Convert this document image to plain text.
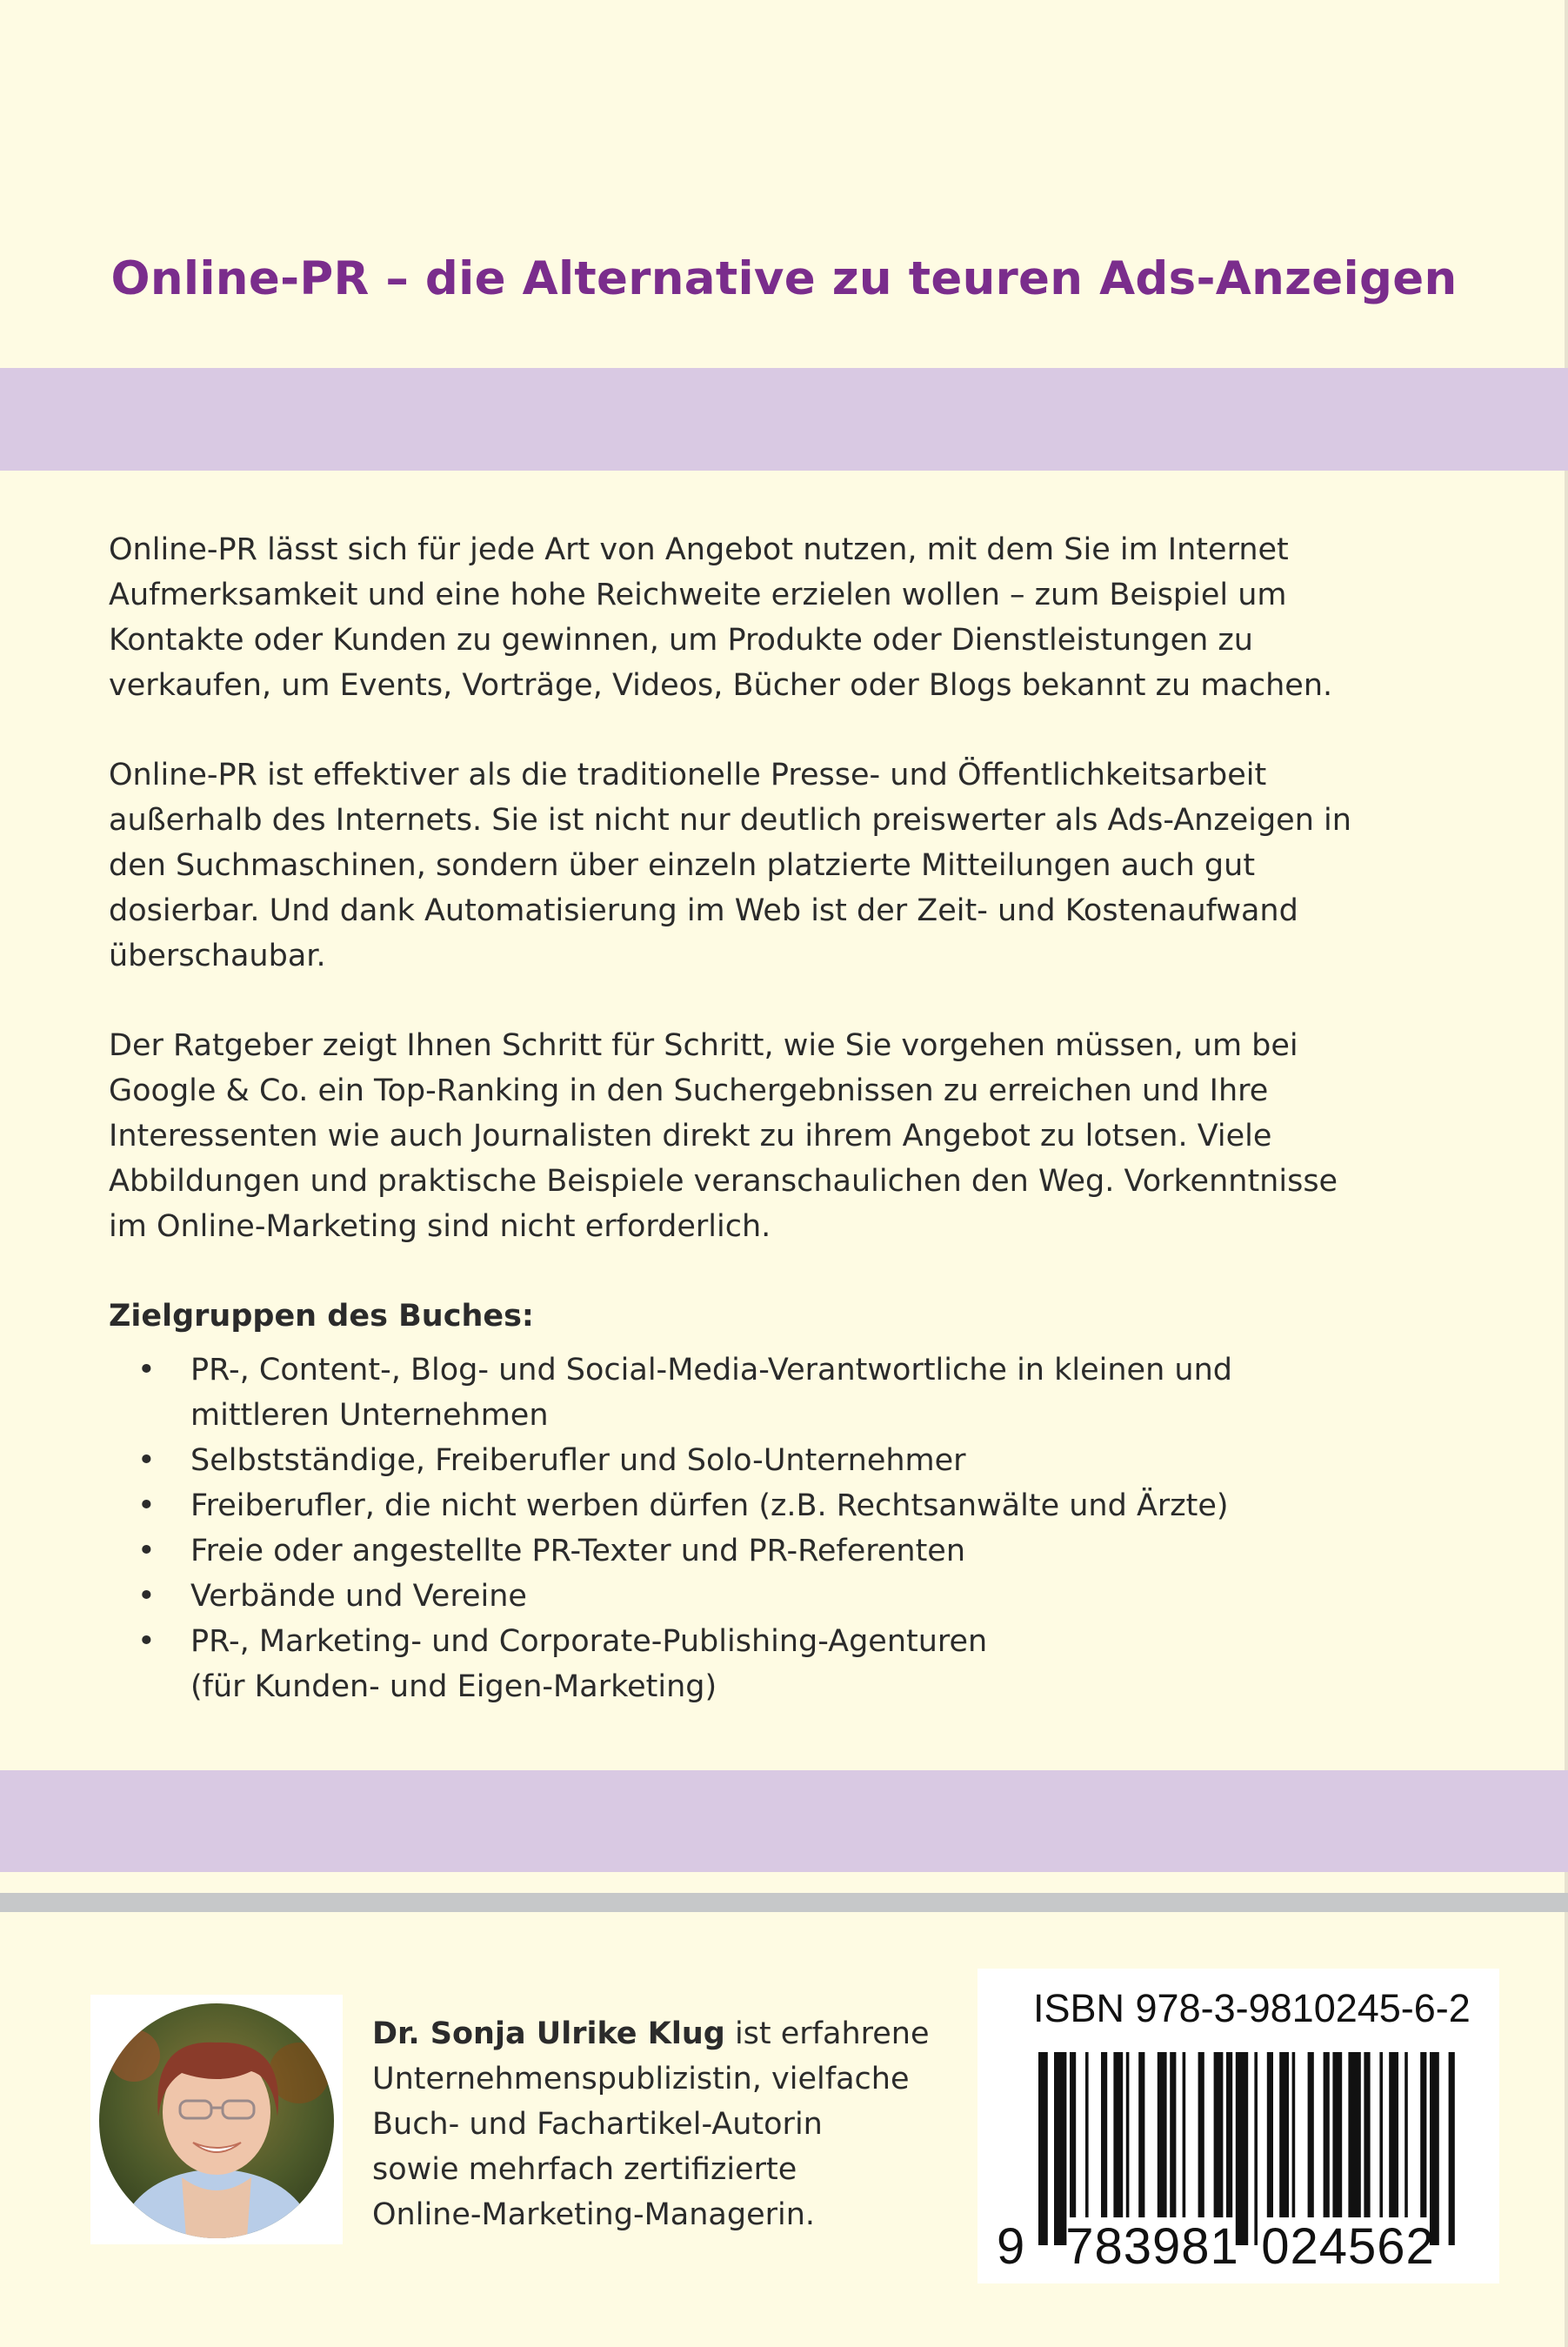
Online-PR – die Alternative zu teuren Ads-Anzeigen

Online-PR lässt sich für jede Art von Angebot nutzen, mit dem Sie im Internet
Aufmerksamkeit und eine hohe Reichweite erzielen wollen – zum Beispiel um
Kontakte oder Kunden zu gewinnen, um Produkte oder Dienstleistungen zu
verkaufen, um Events, Vorträge, Videos, Bücher oder Blogs bekannt zu machen.

Online-PR ist effektiver als die traditionelle Presse- und Öffentlichkeitsarbeit
außerhalb des Internets. Sie ist nicht nur deutlich preiswerter als Ads-Anzeigen in
den Suchmaschinen, sondern über einzeln platzierte Mitteilungen auch gut
dosierbar. Und dank Automatisierung im Web ist der Zeit- und Kostenaufwand
überschaubar.

Der Ratgeber zeigt Ihnen Schritt für Schritt, wie Sie vorgehen müssen, um bei
Google & Co. ein Top-Ranking in den Suchergebnissen zu erreichen und Ihre
Interessenten wie auch Journalisten direkt zu ihrem Angebot zu lotsen. Viele
Abbildungen und praktische Beispiele veranschaulichen den Weg. Vorkenntnisse
im Online-Marketing sind nicht erforderlich.

Zielgruppen des Buches:
• PR-, Content-, Blog- und Social-Media-Verantwortliche in kleinen und
mittleren Unternehmen
• Selbstständige, Freiberufler und Solo-Unternehmer
• Freiberufler, die nicht werben dürfen (z.B. Rechtsanwälte und Ärzte)
• Freie oder angestellte PR-Texter und PR-Referenten
• Verbände und Vereine
• PR-, Marketing- und Corporate-Publishing-Agenturen
(für Kunden- und Eigen-Marketing)
Dr. Sonja Ulrike Klug ist erfahrene
Unternehmenspublizistin, vielfache
Buch- und Fachartikel-Autorin
sowie mehrfach zertifizierte
Online-Marketing-Managerin.
ISBN 978-3-9810245-6-2
9 783981 024562
